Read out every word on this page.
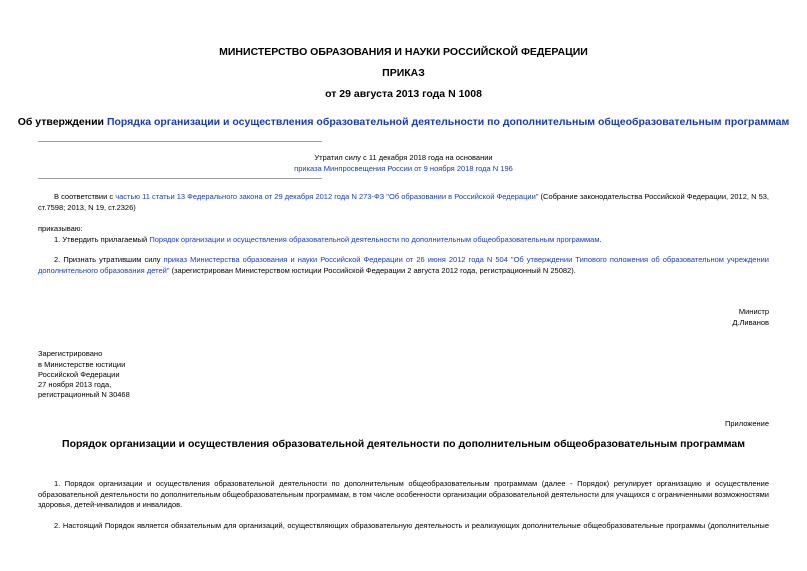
МИНИСТЕРСТВО ОБРАЗОВАНИЯ И НАУКИ РОССИЙСКОЙ ФЕДЕРАЦИИ
ПРИКАЗ
от 29 августа 2013 года N 1008
Об утверждении Порядка организации и осуществления образовательной деятельности по дополнительным общеобразовательным программам
Утратил силу с 11 декабря 2018 года на основании
приказа Минпросвещения России от 9 ноября 2018 года N 196
В соответствии с частью 11 статьи 13 Федерального закона от 29 декабря 2012 года N 273-ФЗ "Об образовании в Российской Федерации" (Собрание законодательства Российской Федерации, 2012, N 53, ст.7598; 2013, N 19, ст.2326)
приказываю:
1. Утвердить прилагаемый Порядок организации и осуществления образовательной деятельности по дополнительным общеобразовательным программам.
2. Признать утратившим силу приказ Министерства образования и науки Российской Федерации от 26 июня 2012 года N 504 "Об утверждении Типового положения об образовательном учреждении дополнительного образования детей" (зарегистрирован Министерством юстиции Российской Федерации 2 августа 2012 года, регистрационный N 25082).
Министр
Д.Ливанов
Зарегистрировано
в Министерстве юстиции
Российской Федерации
27 ноября 2013 года,
регистрационный N 30468
Приложение
Порядок организации и осуществления образовательной деятельности по дополнительным общеобразовательным программам
1. Порядок организации и осуществления образовательной деятельности по дополнительным общеобразовательным программам (далее - Порядок) регулирует организацию и осуществление образовательной деятельности по дополнительным общеобразовательным программам, в том числе особенности организации образовательной деятельности для учащихся с ограниченными возможностями здоровья, детей-инвалидов и инвалидов.
2. Настоящий Порядок является обязательным для организаций, осуществляющих образовательную деятельность и реализующих дополнительные общеобразовательные программы (дополнительные
